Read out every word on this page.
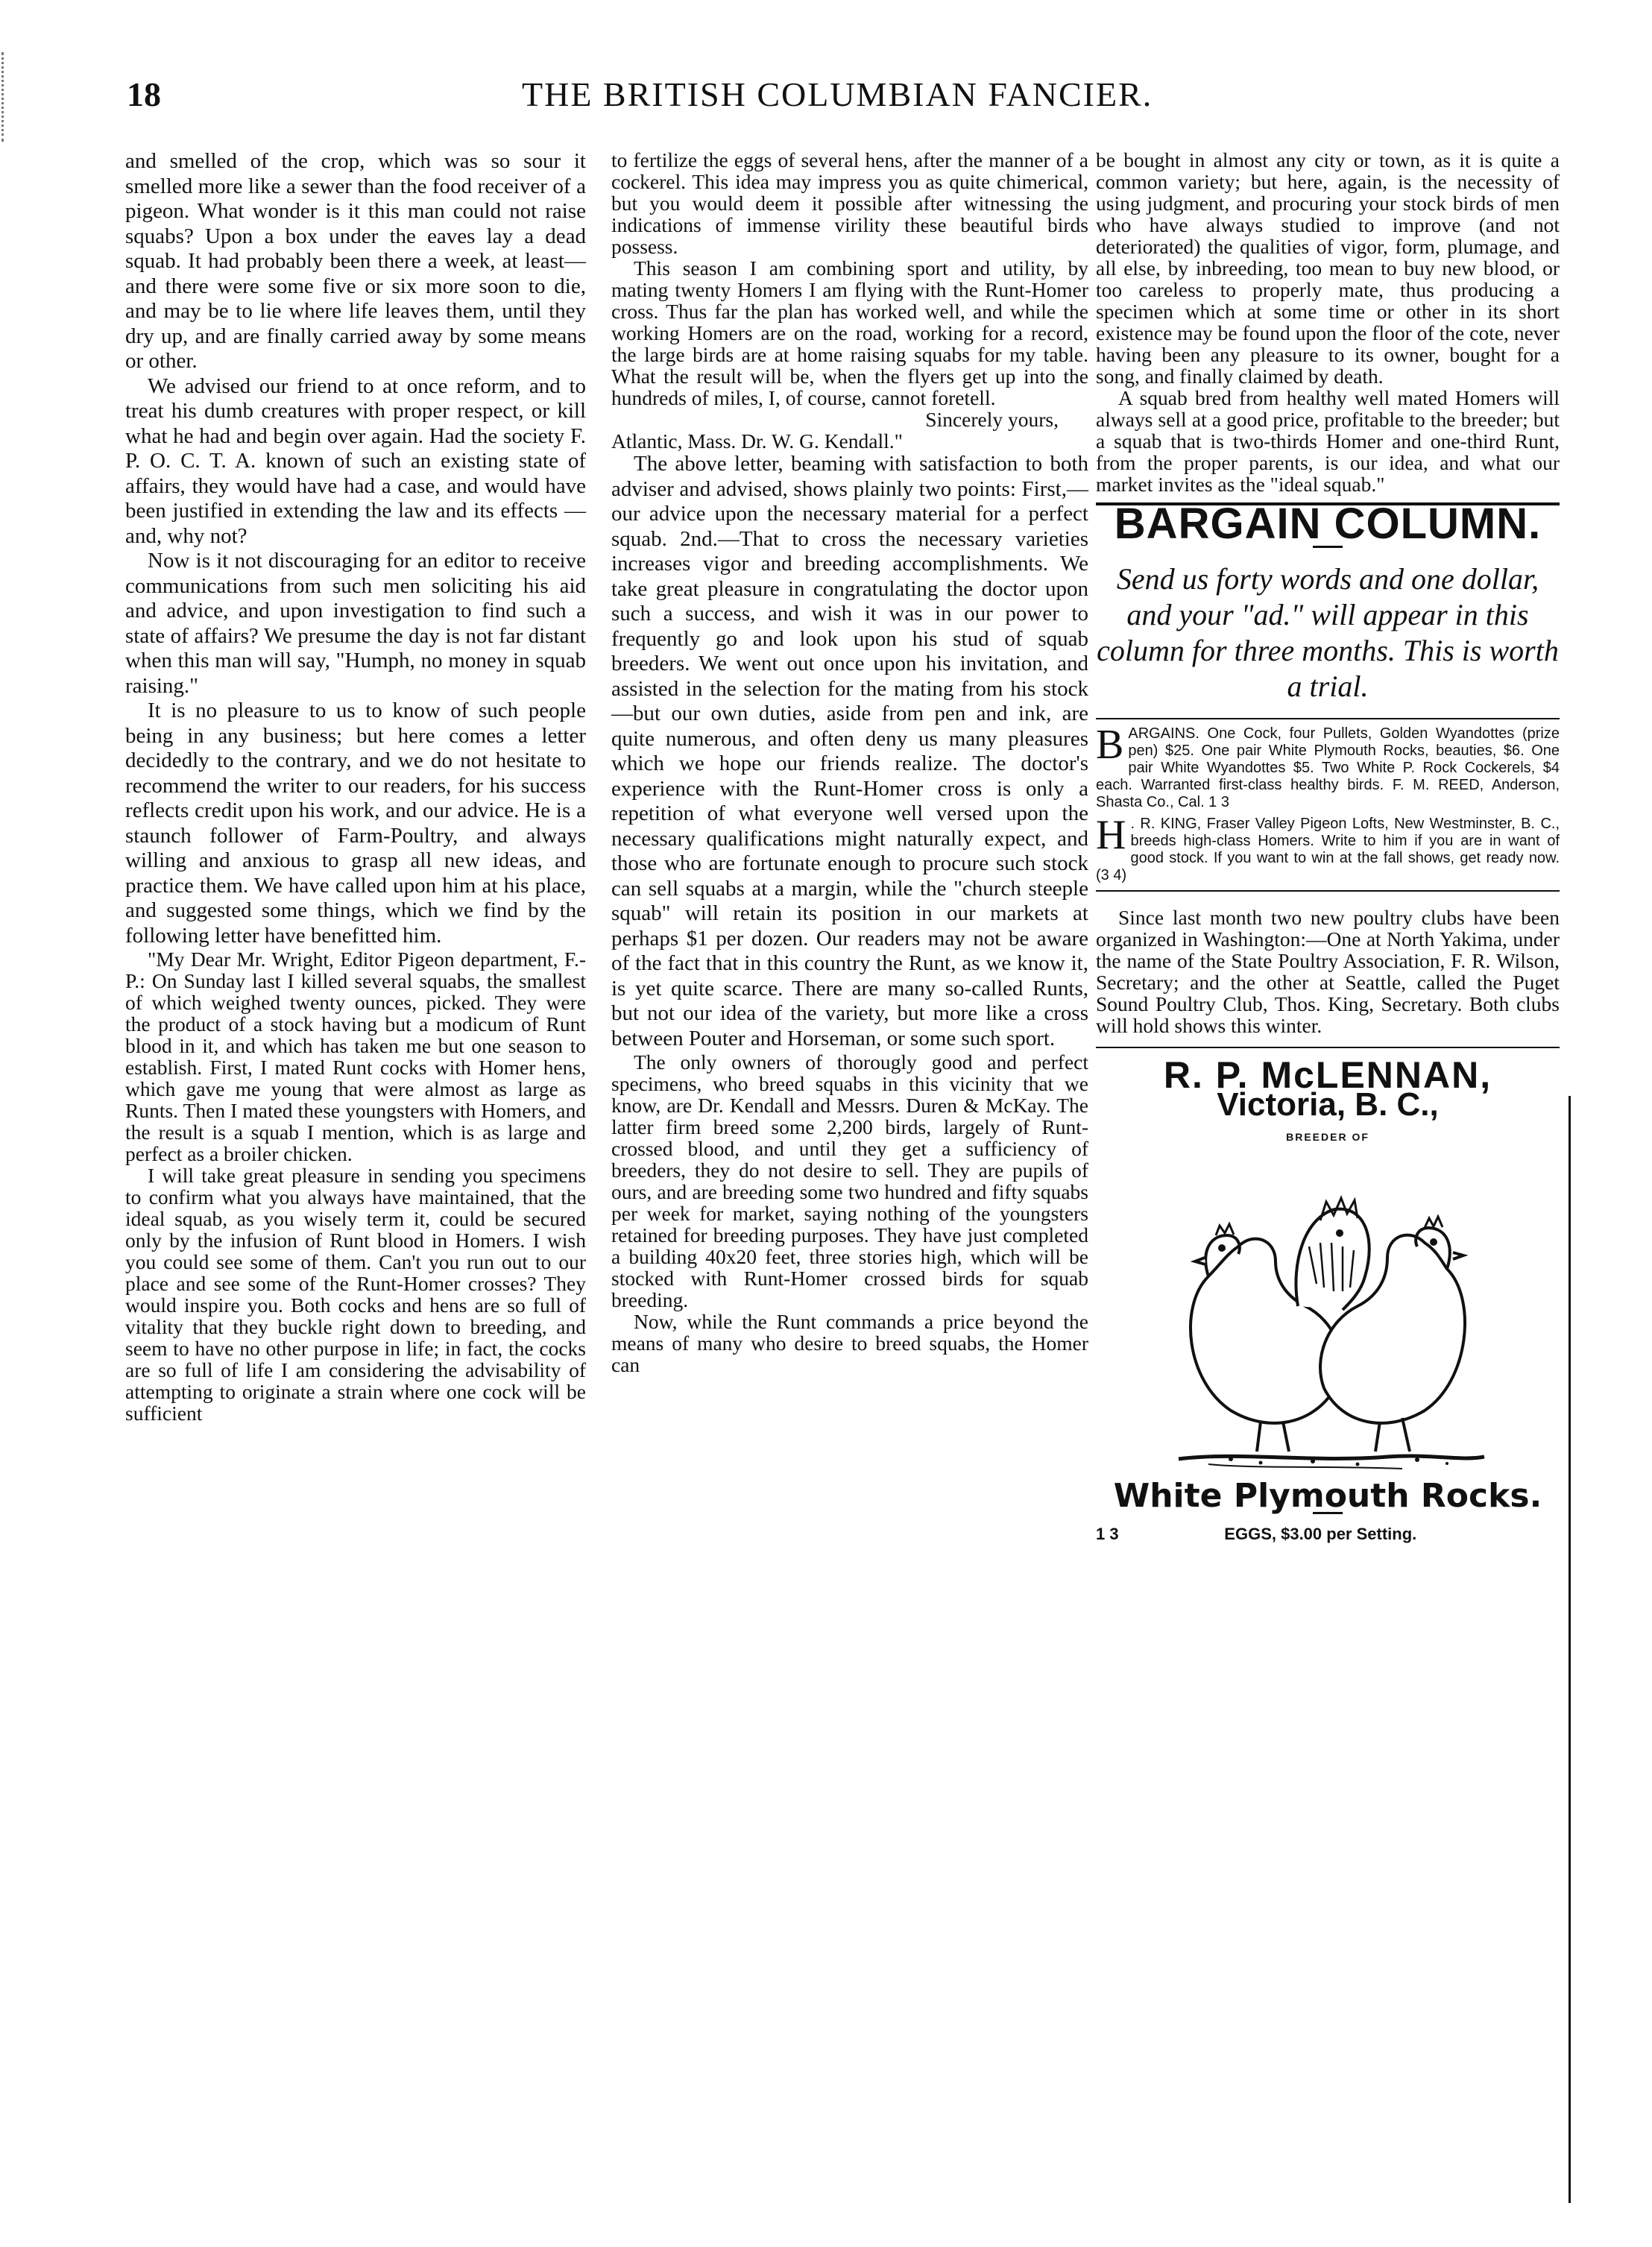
18	THE BRITISH COLUMBIAN FANCIER.

and smelled of the crop, which was so sour it smelled more like a sewer than the food receiver of a pigeon. What wonder is it this man could not raise squabs? Upon a box under the eaves lay a dead squab. It had probably been there a week, at least—and there were some five or six more soon to die, and may be to lie where life leaves them, until they dry up, and are finally carried away by some means or other.

We advised our friend to at once reform, and to treat his dumb creatures with proper respect, or kill what he had and begin over again. Had the society F. P. O. C. T. A. known of such an existing state of affairs, they would have had a case, and would have been justified in extending the law and its effects —and, why not?

Now is it not discouraging for an editor to receive communications from such men soliciting his aid and advice, and upon investigation to find such a state of affairs? We presume the day is not far distant when this man will say, "Humph, no money in squab raising."

It is no pleasure to us to know of such people being in any business; but here comes a letter decidedly to the contrary, and we do not hesitate to recommend the writer to our readers, for his success reflects credit upon his work, and our advice. He is a staunch follower of Farm-Poultry, and always willing and anxious to grasp all new ideas, and practice them. We have called upon him at his place, and suggested some things, which we find by the following letter have benefitted him.

"My Dear Mr. Wright, Editor Pigeon department, F.-P.: On Sunday last I killed several squabs, the smallest of which weighed twenty ounces, picked. They were the product of a stock having but a modicum of Runt blood in it, and which has taken me but one season to establish. First, I mated Runt cocks with Homer hens, which gave me young that were almost as large as Runts. Then I mated these youngsters with Homers, and the result is a squab I mention, which is as large and perfect as a broiler chicken.

I will take great pleasure in sending you specimens to confirm what you always have maintained, that the ideal squab, as you wisely term it, could be secured only by the infusion of Runt blood in Homers. I wish you could see some of them. Can't you run out to our place and see some of the Runt-Homer crosses? They would inspire you. Both cocks and hens are so full of vitality that they buckle right down to breeding, and seem to have no other purpose in life; in fact, the cocks are so full of life I am considering the advisability of attempting to originate a strain where one cock will be sufficient

to fertilize the eggs of several hens, after the manner of a cockerel. This idea may impress you as quite chimerical, but you would deem it possible after witnessing the indications of immense virility these beautiful birds possess.

This season I am combining sport and utility, by mating twenty Homers I am flying with the Runt-Homer cross. Thus far the plan has worked well, and while the working Homers are on the road, working for a record, the large birds are at home raising squabs for my table. What the result will be, when the flyers get up into the hundreds of miles, I, of course, cannot foretell.

Sincerely yours,

Atlantic, Mass. Dr. W. G. Kendall."

The above letter, beaming with satisfaction to both adviser and advised, shows plainly two points: First,—our advice upon the necessary material for a perfect squab. 2nd.—That to cross the necessary varieties increases vigor and breeding accomplishments. We take great pleasure in congratulating the doctor upon such a success, and wish it was in our power to frequently go and look upon his stud of squab breeders. We went out once upon his invitation, and assisted in the selection for the mating from his stock—but our own duties, aside from pen and ink, are quite numerous, and often deny us many pleasures which we hope our friends realize. The doctor's experience with the Runt-Homer cross is only a repetition of what everyone well versed upon the necessary qualifications might naturally expect, and those who are fortunate enough to procure such stock can sell squabs at a margin, while the "church steeple squab" will retain its position in our markets at perhaps $1 per dozen. Our readers may not be aware of the fact that in this country the Runt, as we know it, is yet quite scarce. There are many so-called Runts, but not our idea of the variety, but more like a cross between Pouter and Horseman, or some such sport.

The only owners of thorougly good and perfect specimens, who breed squabs in this vicinity that we know, are Dr. Kendall and Messrs. Duren & McKay. The latter firm breed some 2,200 birds, largely of Runt-crossed blood, and until they get a sufficiency of breeders, they do not desire to sell. They are pupils of ours, and are breeding some two hundred and fifty squabs per week for market, saying nothing of the youngsters retained for breeding purposes. They have just completed a building 40x20 feet, three stories high, which will be stocked with Runt-Homer crossed birds for squab breeding.

Now, while the Runt commands a price beyond the means of many who desire to breed squabs, the Homer can

be bought in almost any city or town, as it is quite a common variety; but here, again, is the necessity of using judgment, and procuring your stock birds of men who have always studied to improve (and not deteriorated) the qualities of vigor, form, plumage, and all else, by inbreeding, too mean to buy new blood, or too careless to properly mate, thus producing a specimen which at some time or other in its short existence may be found upon the floor of the cote, never having been any pleasure to its owner, bought for a song, and finally claimed by death.

A squab bred from healthy well mated Homers will always sell at a good price, profitable to the breeder; but a squab that is two-thirds Homer and one-third Runt, from the proper parents, is our idea, and what our market invites as the "ideal squab."

BARGAIN COLUMN.
Send us forty words and one dollar, and your "ad." will appear in this column for three months. This is worth a trial.
BARGAINS. One Cock, four Pullets, Golden Wyandottes (prize pen) $25. One pair White Plymouth Rocks, beauties, $6. One pair White Wyandottes $5. Two White P. Rock Cockerels, $4 each. Warranted first-class healthy birds. F. M. REED, Anderson, Shasta Co., Cal. 1 3
H . R. KING, Fraser Valley Pigeon Lofts, New Westminster, B. C., breeds high-class Homers. Write to him if you are in want of good stock. If you want to win at the fall shows, get ready now. (3 4)

Since last month two new poultry clubs have been organized in Washington:—One at North Yakima, under the name of the State Poultry Association, F. R. Wilson, Secretary; and the other at Seattle, called the Puget Sound Poultry Club, Thos. King, Secretary. Both clubs will hold shows this winter.

R. P. McLENNAN,
Victoria, B. C.,
BREEDER OF
White Plymouth Rocks.
1 3	EGGS, $3.00 per Setting.
